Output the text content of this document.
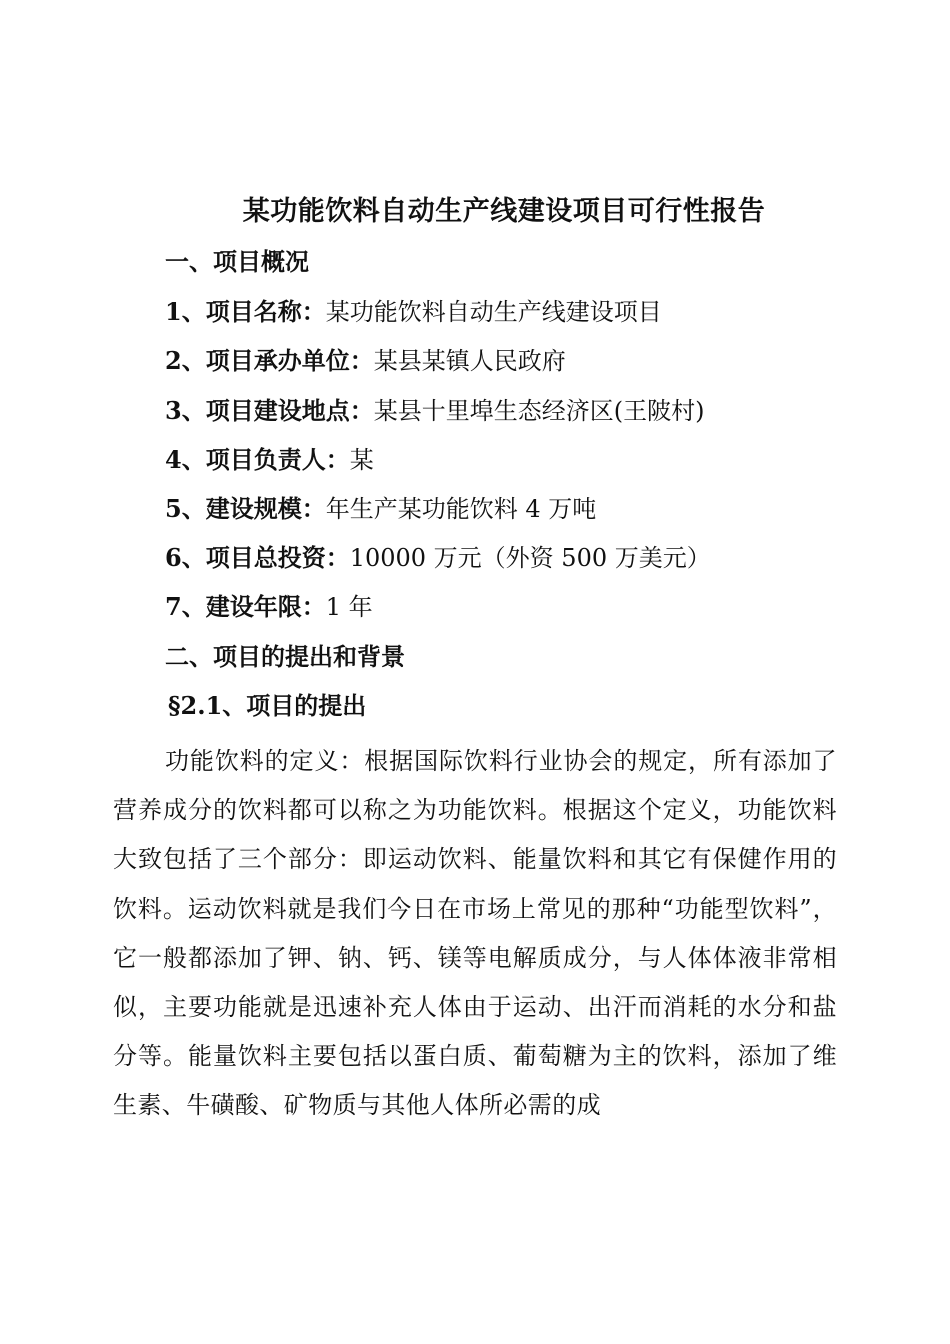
某功能饮料自动生产线建设项目可行性报告
一、项目概况
1、项目名称：某功能饮料自动生产线建设项目
2、项目承办单位：某县某镇人民政府
3、项目建设地点：某县十里埠生态经济区(王陂村)
4、项目负责人：某
5、建设规模：年生产某功能饮料 4 万吨
6、项目总投资：10000 万元（外资 500 万美元）
7、建设年限：1 年
二、项目的提出和背景
§2.1、项目的提出

功能饮料的定义：根据国际饮料行业协会的规定，所有添加了营养成分的饮料都可以称之为功能饮料。根据这个定义，功能饮料大致包括了三个部分：即运动饮料、能量饮料和其它有保健作用的饮料。运动饮料就是我们今日在市场上常见的那种“功能型饮料”，它一般都添加了钾、钠、钙、镁等电解质成分，与人体体液非常相似，主要功能就是迅速补充人体由于运动、出汗而消耗的水分和盐分等。能量饮料主要包括以蛋白质、葡萄糖为主的饮料，添加了维生素、牛磺酸、矿物质与其他人体所必需的成
